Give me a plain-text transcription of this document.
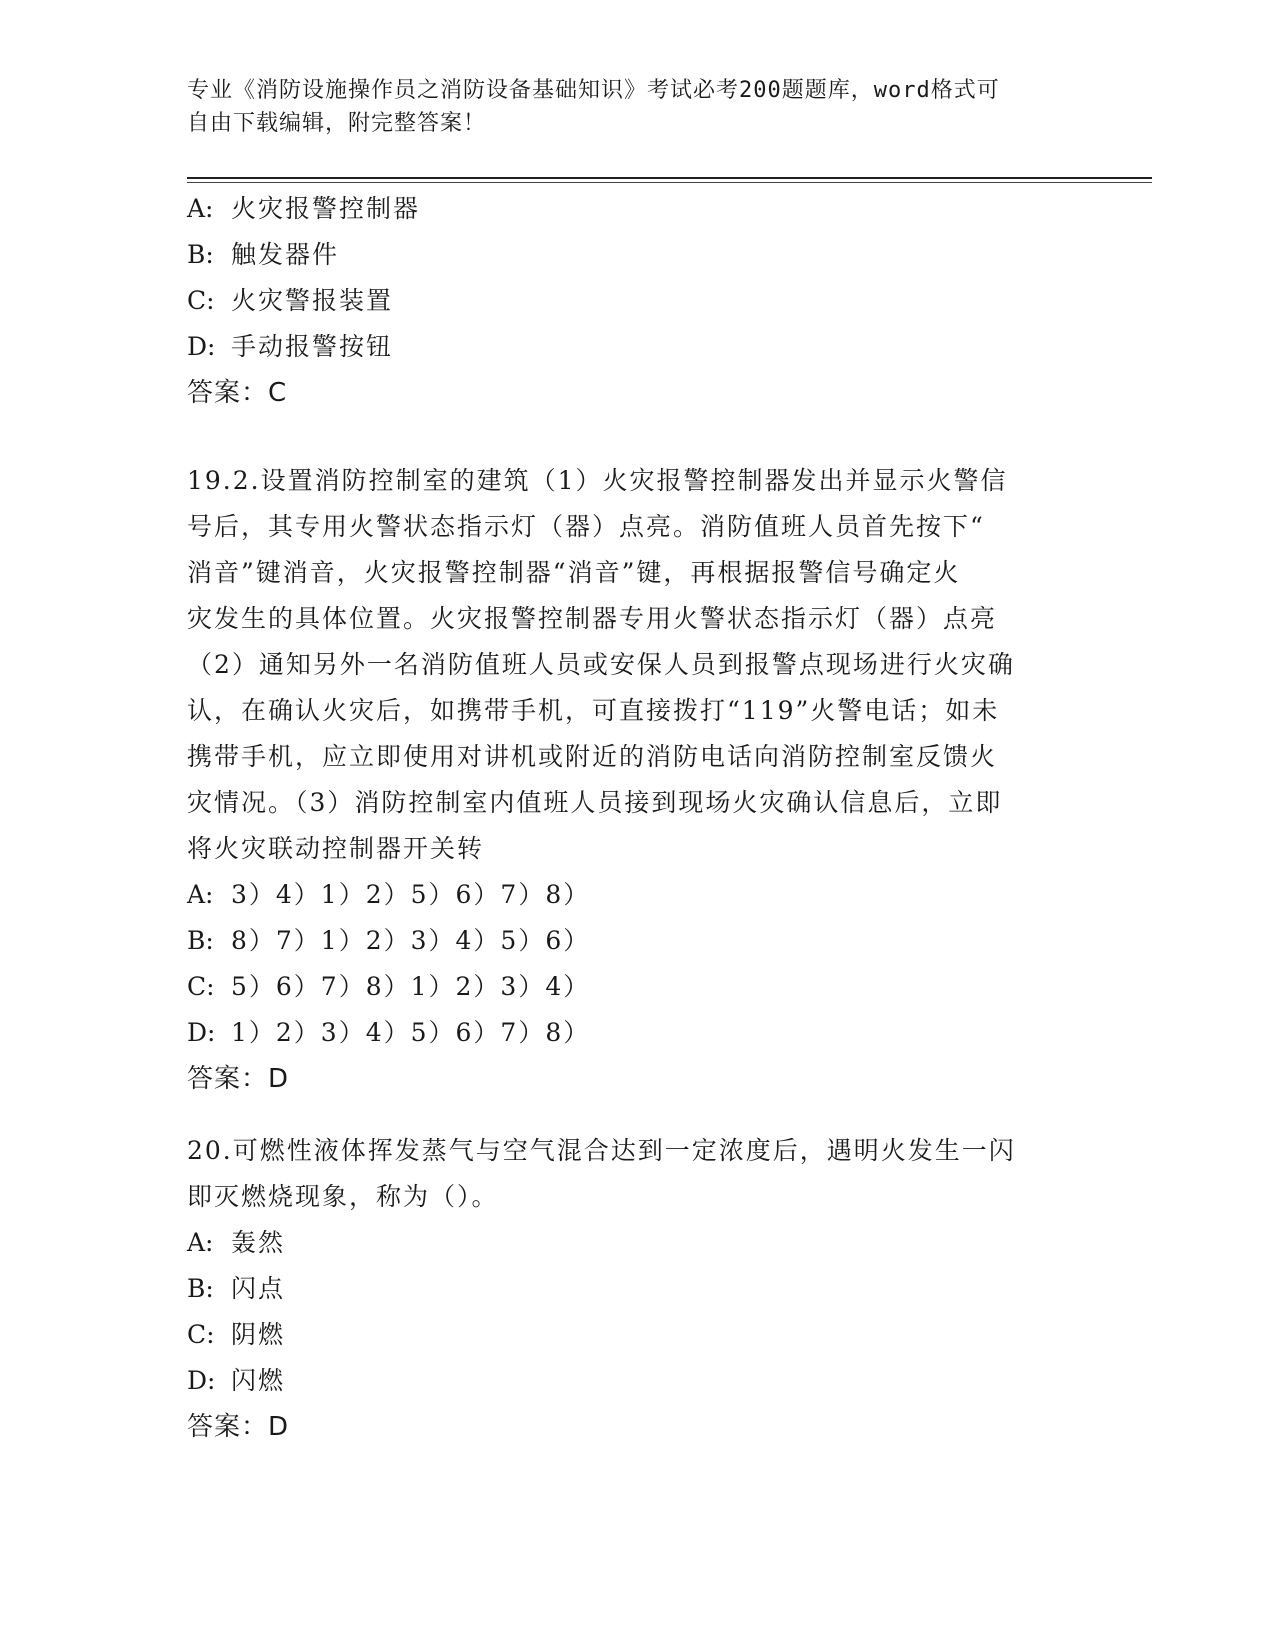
专业《消防设施操作员之消防设备基础知识》考试必考200题题库，word格式可
自由下载编辑，附完整答案！
A: 火灾报警控制器
B: 触发器件
C: 火灾警报装置
D: 手动报警按钮
答案：C
19.2.设置消防控制室的建筑（1）火灾报警控制器发出并显示火警信
号后，其专用火警状态指示灯（器）点亮。消防值班人员首先按下“
消音”键消音，火灾报警控制器“消音”键，再根据报警信号确定火
灾发生的具体位置。火灾报警控制器专用火警状态指示灯（器）点亮
（2）通知另外一名消防值班人员或安保人员到报警点现场进行火灾确
认，在确认火灾后，如携带手机，可直接拨打“119”火警电话；如未
携带手机，应立即使用对讲机或附近的消防电话向消防控制室反馈火
灾情况。（3）消防控制室内值班人员接到现场火灾确认信息后，立即
将火灾联动控制器开关转
A: 3）4）1）2）5）6）7）8）
B: 8）7）1）2）3）4）5）6）
C: 5）6）7）8）1）2）3）4）
D: 1）2）3）4）5）6）7）8）
答案：D
20.可燃性液体挥发蒸气与空气混合达到一定浓度后，遇明火发生一闪
即灭燃烧现象，称为（）。
A: 轰然
B: 闪点
C: 阴燃
D: 闪燃
答案：D
